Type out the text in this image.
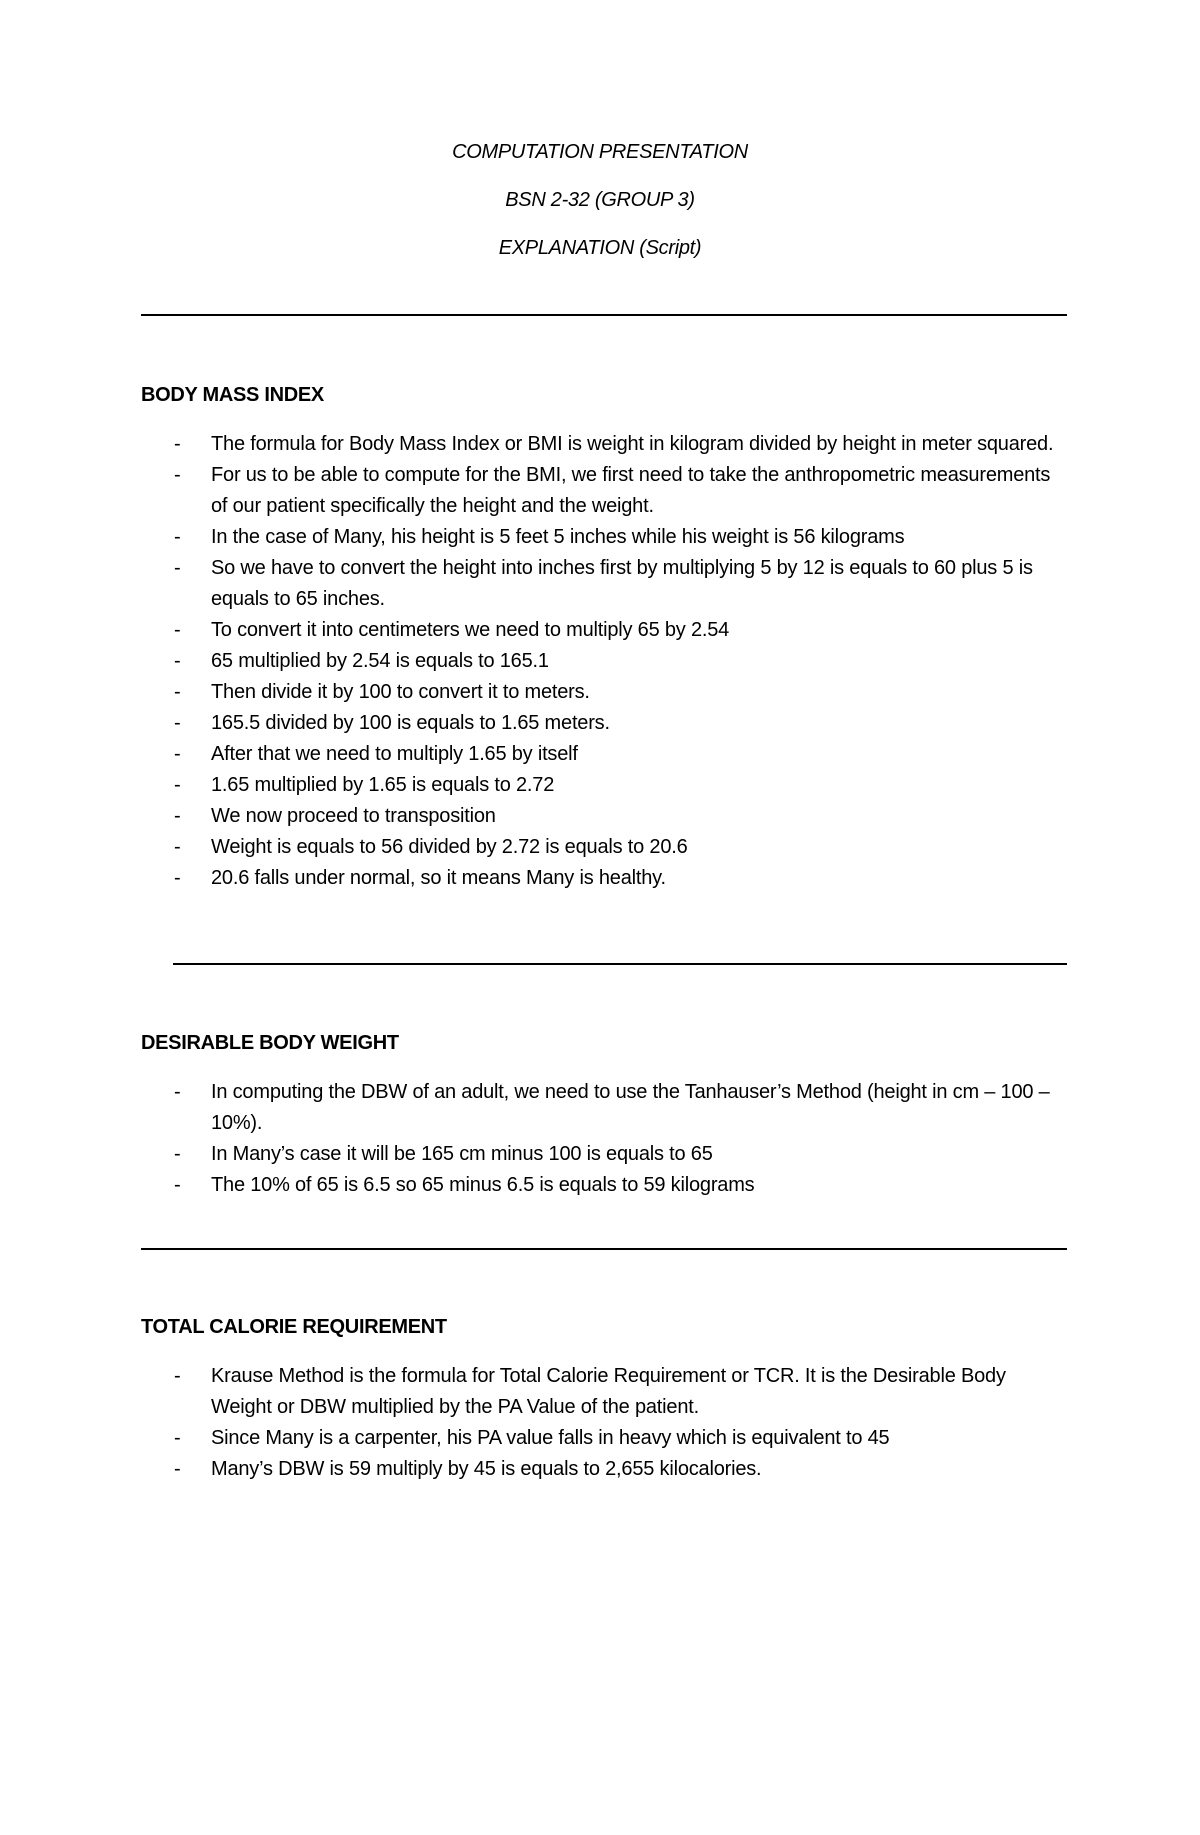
COMPUTATION PRESENTATION

BSN 2-32 (GROUP 3)

EXPLANATION (Script)

BODY MASS INDEX
- The formula for Body Mass Index or BMI is weight in kilogram divided by height in meter squared.
- For us to be able to compute for the BMI, we first need to take the anthropometric measurements of our patient specifically the height and the weight.
- In the case of Many, his height is 5 feet 5 inches while his weight is 56 kilograms
- So we have to convert the height into inches first by multiplying 5 by 12 is equals to 60 plus 5 is equals to 65 inches.
- To convert it into centimeters we need to multiply 65 by 2.54
- 65 multiplied by 2.54 is equals to 165.1
- Then divide it by 100 to convert it to meters.
- 165.5 divided by 100 is equals to 1.65 meters.
- After that we need to multiply 1.65 by itself
- 1.65 multiplied by 1.65 is equals to 2.72
- We now proceed to transposition
- Weight is equals to 56 divided by 2.72 is equals to 20.6
- 20.6 falls under normal, so it means Many is healthy.
DESIRABLE BODY WEIGHT
- In computing the DBW of an adult, we need to use the Tanhauser’s Method (height in cm – 100 – 10%).
- In Many’s case it will be 165 cm minus 100 is equals to 65
- The 10% of 65 is 6.5 so 65 minus 6.5 is equals to 59 kilograms
TOTAL CALORIE REQUIREMENT
- Krause Method is the formula for Total Calorie Requirement or TCR. It is the Desirable Body Weight or DBW multiplied by the PA Value of the patient.
- Since Many is a carpenter, his PA value falls in heavy which is equivalent to 45
- Many’s DBW is 59 multiply by 45 is equals to 2,655 kilocalories.
